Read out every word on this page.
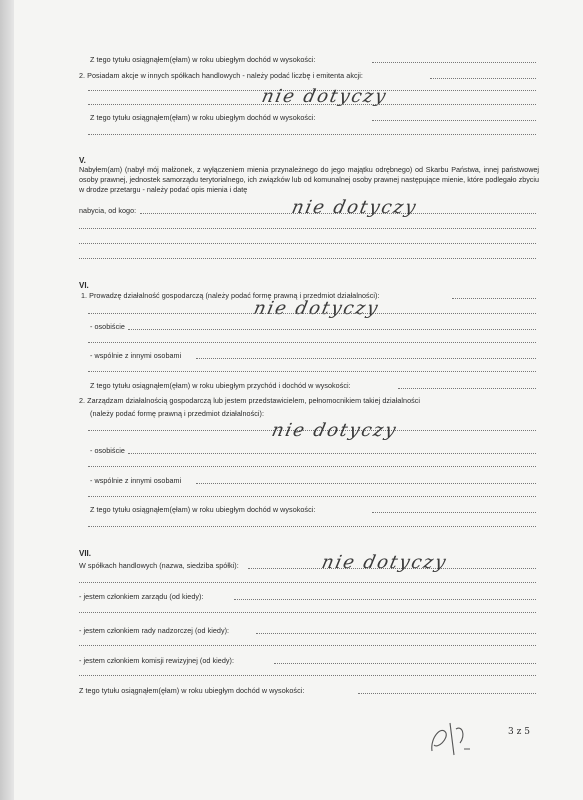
Z tego tytułu osiągnąłem(ęłam) w roku ubiegłym dochód w wysokości:
2. Posiadam akcje w innych spółkach handlowych - należy podać liczbę i emitenta akcji:
nie dotyczy
Z tego tytułu osiągnąłem(ęłam) w roku ubiegłym dochód w wysokości:
V.
Nabyłem(am) (nabył mój małżonek, z wyłączeniem mienia przynależnego do jego majątku odrębnego) od Skarbu Państwa, innej państwowej osoby prawnej, jednostek samorządu terytorialnego, ich związków lub od komunalnej osoby prawnej następujące mienie, które podlegało zbyciu w drodze przetargu - należy podać opis mienia i datę
nabycia, od kogo:	nie dotyczy
VI.
1. Prowadzę działalność gospodarczą (należy podać formę prawną i przedmiot działalności):
nie dotyczy
- osobiście
- wspólnie z innymi osobami
Z tego tytułu osiągnąłem(ęłam) w roku ubiegłym przychód i dochód w wysokości:
2. Zarządzam działalnością gospodarczą lub jestem przedstawicielem, pełnomocnikiem takiej działalności
(należy podać formę prawną i przedmiot działalności):
nie dotyczy
- osobiście
- wspólnie z innymi osobami
Z tego tytułu osiągnąłem(ęłam) w roku ubiegłym dochód w wysokości:
VII.
W spółkach handlowych (nazwa, siedziba spółki):	nie dotyczy
- jestem członkiem zarządu (od kiedy):
- jestem członkiem rady nadzorczej (od kiedy):
- jestem członkiem komisji rewizyjnej (od kiedy):
Z tego tytułu osiągnąłem(ęłam) w roku ubiegłym dochód w wysokości:
3 z 5
